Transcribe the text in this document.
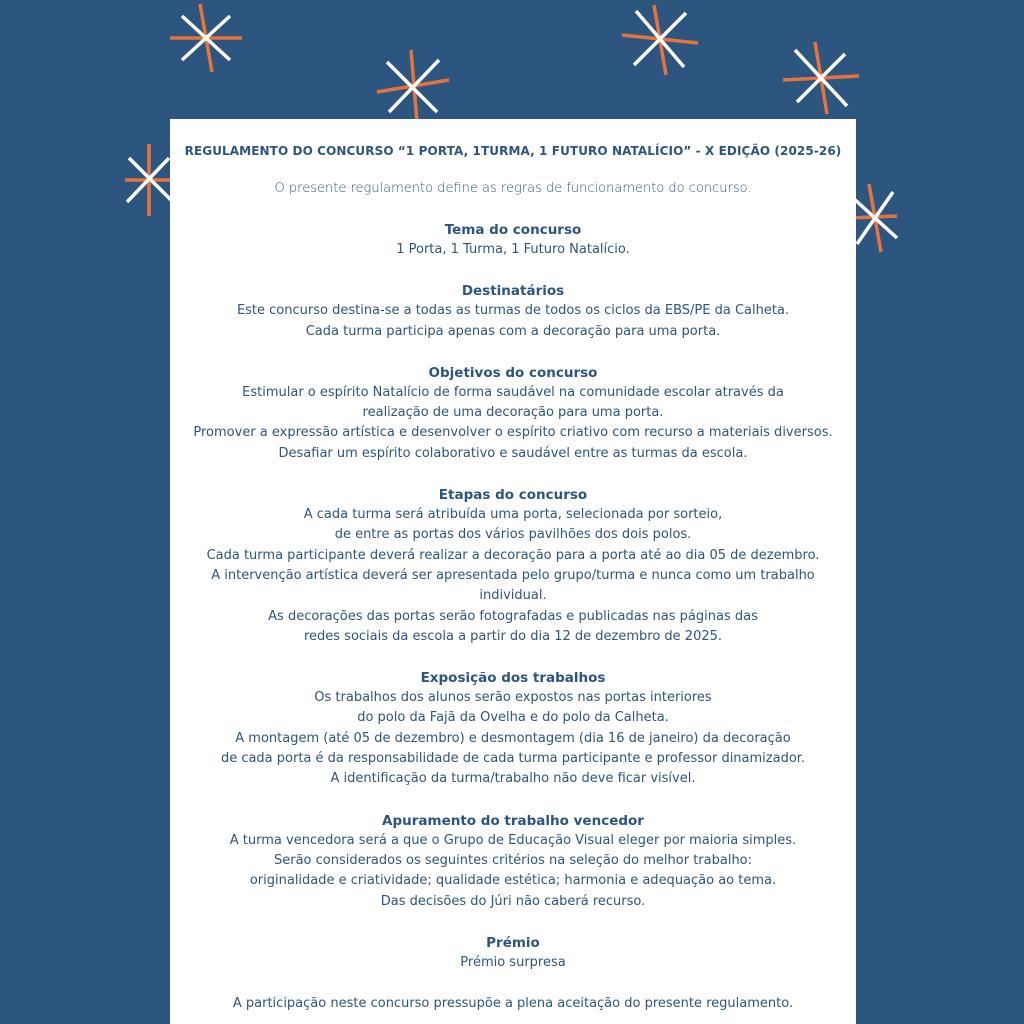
REGULAMENTO DO CONCURSO “1 PORTA, 1TURMA, 1 FUTURO NATALÍCIO” - X EDIÇÃO (2025-26)

O presente regulamento define as regras de funcionamento do concurso.

Tema do concurso

1 Porta, 1 Turma, 1 Futuro Natalício.

Destinatários

Este concurso destina-se a todas as turmas de todos os ciclos da EBS/PE da Calheta.

Cada turma participa apenas com a decoração para uma porta.

Objetivos do concurso

Estimular o espírito Natalício de forma saudável na comunidade escolar através da

realização de uma decoração para uma porta.

Promover a expressão artística e desenvolver o espírito criativo com recurso a materiais diversos.

Desafiar um espírito colaborativo e saudável entre as turmas da escola.

Etapas do concurso

A cada turma será atribuída uma porta, selecionada por sorteio,

de entre as portas dos vários pavilhões dos dois polos.

Cada turma participante deverá realizar a decoração para a porta até ao dia 05 de dezembro.

A intervenção artística deverá ser apresentada pelo grupo/turma e nunca como um trabalho

individual.

As decorações das portas serão fotografadas e publicadas nas páginas das

redes sociais da escola a partir do dia 12 de dezembro de 2025.

Exposição dos trabalhos

Os trabalhos dos alunos serão expostos nas portas interiores

do polo da Fajã da Ovelha e do polo da Calheta.

A montagem (até 05 de dezembro) e desmontagem (dia 16 de janeiro) da decoração

de cada porta é da responsabilidade de cada turma participante e professor dinamizador.

A identificação da turma/trabalho não deve ficar visível.

Apuramento do trabalho vencedor

A turma vencedora será a que o Grupo de Educação Visual eleger por maioria simples.

Serão considerados os seguintes critérios na seleção do melhor trabalho:

originalidade e criatividade; qualidade estética; harmonia e adequação ao tema.

Das decisões do Júri não caberá recurso.

Prémio

Prémio surpresa

A participação neste concurso pressupõe a plena aceitação do presente regulamento.
